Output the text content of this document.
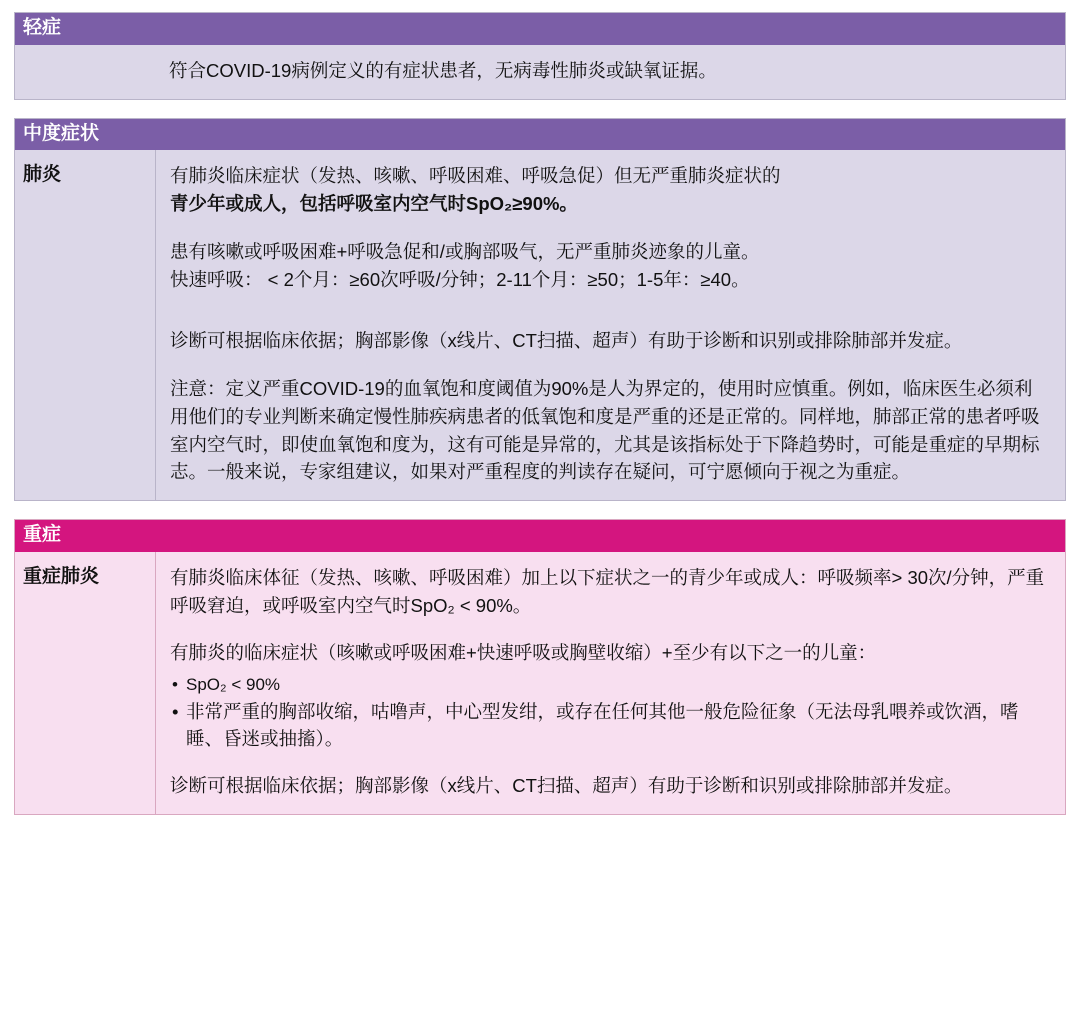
轻症

符合COVID-19病例定义的有症状患者，无病毒性肺炎或缺氧证据。

中度症状
肺炎	有肺炎临床症状（发热、咳嗽、呼吸困难、呼吸急促）但无严重肺炎症状的

青少年或成人，包括呼吸室内空气时SpO₂≥90%。

患有咳嗽或呼吸困难+呼吸急促和/或胸部吸气，无严重肺炎迹象的儿童。

快速呼吸： < 2个月：≥60次呼吸/分钟；2-11个月：≥50；1-5年：≥40。

诊断可根据临床依据；胸部影像（x线片、CT扫描、超声）有助于诊断和识别或排除肺部并发症。

注意：定义严重COVID-19的血氧饱和度阈值为90%是人为界定的，使用时应慎重。例如，临床医生必须利用他们的专业判断来确定慢性肺疾病患者的低氧饱和度是严重的还是正常的。同样地，肺部正常的患者呼吸室内空气时，即使血氧饱和度为，这有可能是异常的，尤其是该指标处于下降趋势时，可能是重症的早期标志。一般来说，专家组建议，如果对严重程度的判读存在疑问，可宁愿倾向于视之为重症。

重症
重症肺炎	有肺炎临床体征（发热、咳嗽、呼吸困难）加上以下症状之一的青少年或成人：呼吸频率> 30次/分钟，严重呼吸窘迫，或呼吸室内空气时SpO₂ < 90%。

有肺炎的临床症状（咳嗽或呼吸困难+快速呼吸或胸壁收缩）+至少有以下之一的儿童：

• SpO₂ < 90%
• 非常严重的胸部收缩，咕噜声，中心型发绀，或存在任何其他一般危险征象（无法母乳喂养或饮酒，嗜睡、昏迷或抽搐）。

诊断可根据临床依据；胸部影像（x线片、CT扫描、超声）有助于诊断和识别或排除肺部并发症。
